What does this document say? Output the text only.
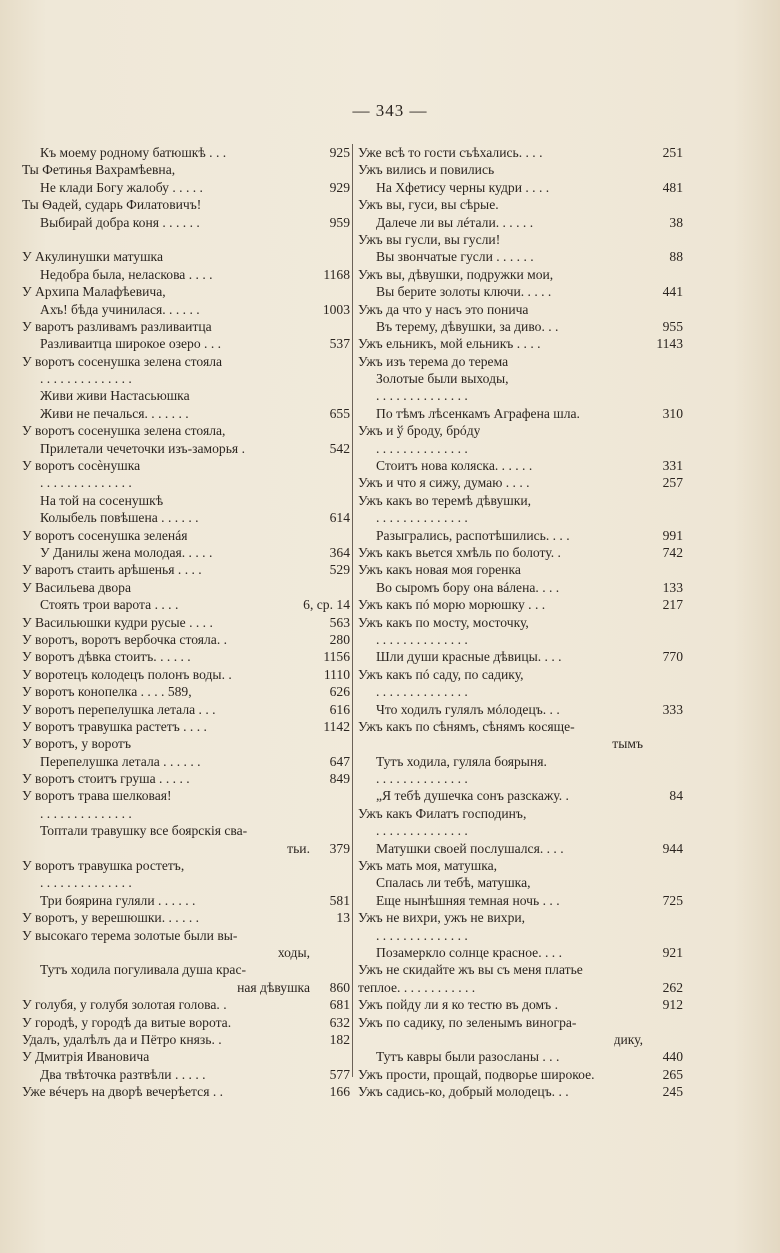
— 343 —
Къ моему родному батюшкѣ . . .	925
Ты Фетинья Вахрамѣевна,
Не клади Богу жалобу . . . . .	929
Ты Ѳадей, сударь Филатовичъ!
Выбирай добра коня . . . . . .	959
У Акулинушки матушка
Недобра была, неласкова . . . .	1168
У Архипа Малафѣевича,
Ахъ! бѣда учинилася. . . . . .	1003
У варотъ разливамъ разливаитца
Разливаитца широкое озеро . . .	537
У воротъ сосенушка зелена стояла
. . . . . . . . . . . . . .
Живи живи Настасьюшка
Живи не печалься. . . . . . .	655
У воротъ сосенушка зелена стояла,
Прилетали чечеточки изъ-заморья .	542
У воротъ сосѐнушка
. . . . . . . . . . . . . .
На той на сосенушкѣ
Колыбель повѣшена . . . . . .	614
У воротъ сосенушка зеленáя
У Данилы жена молодая. . . . .	364
У варотъ стаить арѣшенья . . . .	529
У Васильева двора
Стоять трои варота . . . .	6, ср. 14
У Васильюшки кудри русые . . . .	563
У воротъ, воротъ вербочка стояла. .	280
У воротъ дѣвка стоитъ. . . . . .	1156
У воротецъ колодецъ полонъ воды. .	1110
У воротъ конопелка . . . . 589,	626
У воротъ перепелушка летала . . .	616
У воротъ травушка растетъ . . . .	1142
У воротъ, у воротъ
Перепелушка летала . . . . . .	647
У воротъ стоитъ груша . . . . .	849
У воротъ трава шелковая!
. . . . . . . . . . . . . .
Топтали травушку все боярскія сва-
тьи. 379
У воротъ травушка ростетъ,
. . . . . . . . . . . . . .
Три боярина гуляли . . . . . .	581
У воротъ, у верешюшки. . . . . .	13
У высокаго терема золотые были вы-
ходы,
Тутъ ходила погуливала душа крас-
ная дѣвушка 860
У голубя, у голубя золотая голова. .	681
У городѣ, у городѣ да витые ворота.	632
Удалъ, удалѣлъ да и Пётро князь. .	182
У Дмитрія Ивановича
Два твѣточка разтвѣли . . . . .	577
Уже вéчеръ на дворѣ вечерѣется . .	166
Уже всѣ то гости съѣхались. . . .	251
Ужъ вились и повились
На Хфетису черны кудри . . . .	481
Ужъ вы, гуси, вы сѣрые.
Далече ли вы лéтали. . . . . .	38
Ужъ вы гусли, вы гусли!
Вы звончатые гусли . . . . . .	88
Ужъ вы, дѣвушки, подружки мои,
Вы берите золоты ключи. . . . .	441
Ужъ да что у насъ это понича
Въ терему, дѣвушки, за диво. . .	955
Ужъ ельникъ, мой ельникъ . . . .	1143
Ужъ изъ терема до терема
Золотые были выходы,
. . . . . . . . . . . . . .
По тѣмъ лѣсенкамъ Аграфена шла.	310
Ужъ и ў броду, брóду
. . . . . . . . . . . . . .
Стоитъ нова коляска. . . . . .	331
Ужъ и что я сижу, думаю . . . .	257
Ужъ какъ во теремѣ дѣвушки,
. . . . . . . . . . . . . .
Разыгрались, распотѣшились. . . .	991
Ужъ какъ вьется хмѣль по болоту. .	742
Ужъ какъ новая моя горенка
Во сыромъ бору она вáлена. . . .	133
Ужъ какъ пó морю морюшку . . .	217
Ужъ какъ по мосту, мосточку,
. . . . . . . . . . . . . .
Шли души красные дѣвицы. . . .	770
Ужъ какъ пó саду, по садику,
. . . . . . . . . . . . . .
Что ходилъ гулялъ мóлодецъ. . .	333
Ужъ какъ по сѣнямъ, сѣнямъ косяще-
тымъ
Тутъ ходила, гуляла боярыня.
. . . . . . . . . . . . . .
„Я тебѣ душечка сонъ разскажу. .	84
Ужъ какъ Филатъ господинъ,
. . . . . . . . . . . . . .
Матушки своей послушался. . . .	944
Ужъ мать моя, матушка,
Спалась ли тебѣ, матушка,
Еще нынѣшняя темная ночь . . .	725
Ужъ не вихри, ужъ не вихри,
. . . . . . . . . . . . . .
Позамеркло солнце красное. . . .	921
Ужъ не скидайте жъ вы съ меня платье
теплое. . . . . . . . . . . .	262
Ужъ пойду ли я ко тестю въ домъ .	912
Ужъ по садику, по зеленымъ виногра-
дику,
Тутъ кавры были разосланы . . .	440
Ужъ прости, прощай, подворье широкое.	265
Ужъ садись-ко, добрый молодецъ. . .	245
